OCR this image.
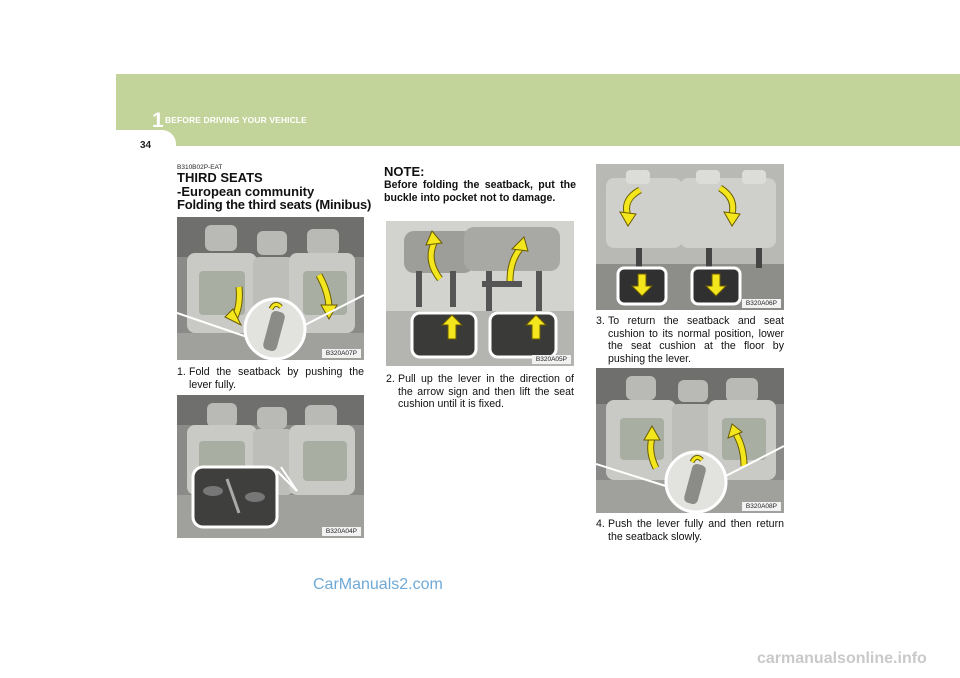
1 BEFORE DRIVING YOUR VEHICLE
34
B310B02P-EAT
THIRD SEATS
-European community
Folding the third seats (Minibus)
B320A07P
1. Fold the seatback by pushing the lever fully.
B320A04P
NOTE:
Before folding the seatback, put the buckle into pocket not to damage.
B320A05P
2. Pull up the lever in the direction of the arrow sign and then lift the seat cushion until it is fixed.
B320A06P
3. To return the seatback and seat cushion to its normal position, lower the seat cushion at the floor by pushing the lever.
B320A08P
4. Push the lever fully and then return the seatback slowly.
CarManuals2.com
carmanualsonline.info
